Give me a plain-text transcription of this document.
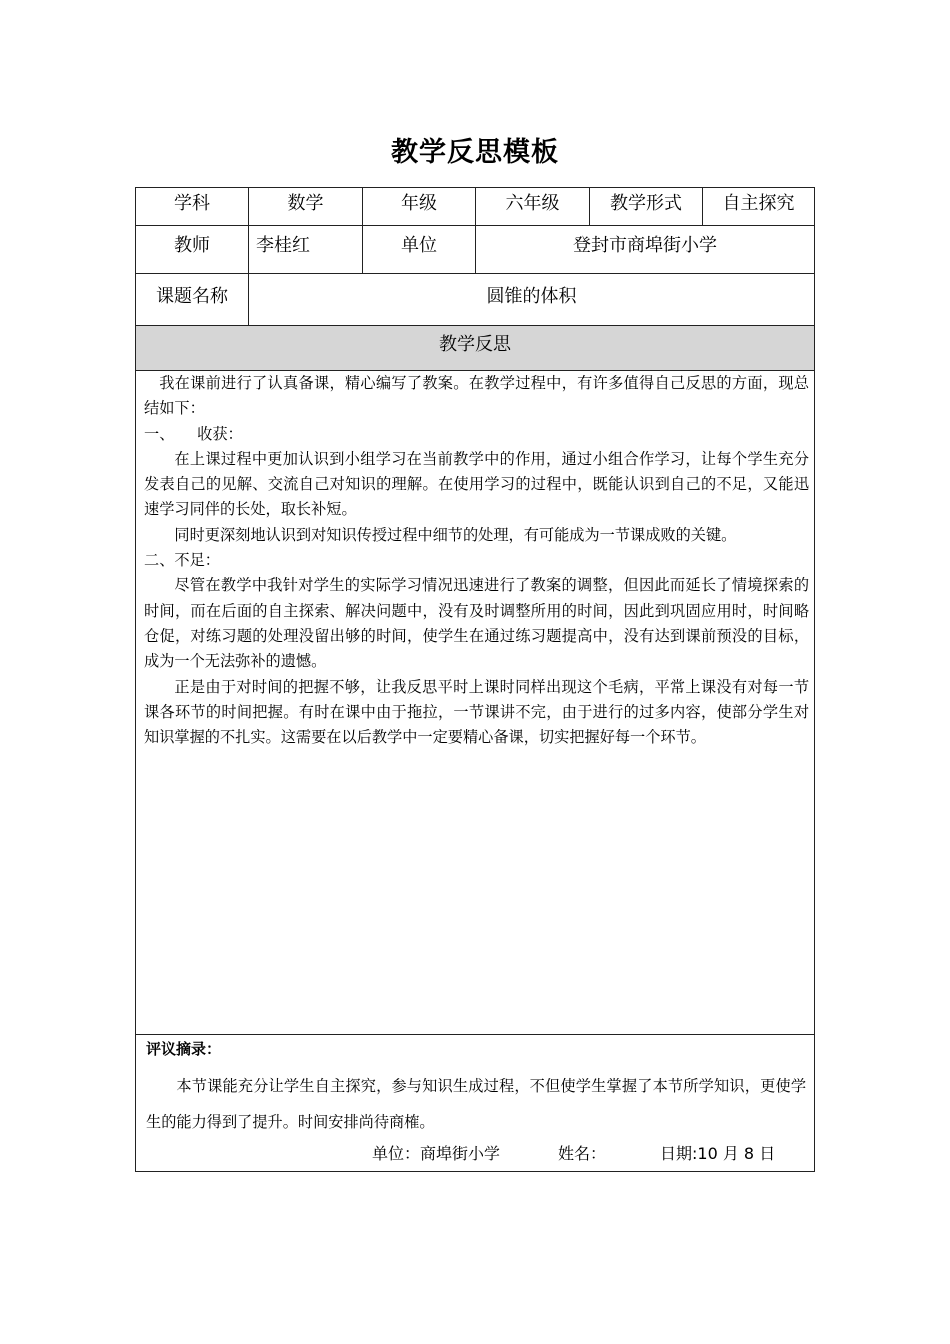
教学反思模板
学科	数学	年级	六年级	教学形式	自主探究
教师	李桂红	单位	登封市商埠街小学
课题名称	圆锥的体积
教学反思

我在课前进行了认真备课，精心编写了教案。在教学过程中，有许多值得自己反思的方面，现总结如下：

一、　　收获：

在上课过程中更加认识到小组学习在当前教学中的作用，通过小组合作学习，让每个学生充分发表自己的见解、交流自己对知识的理解。在使用学习的过程中，既能认识到自己的不足，又能迅速学习同伴的长处，取长补短。

同时更深刻地认识到对知识传授过程中细节的处理，有可能成为一节课成败的关键。

二、不足：

尽管在教学中我针对学生的实际学习情况迅速进行了教案的调整，但因此而延长了情境探索的时间，而在后面的自主探索、解决问题中，没有及时调整所用的时间，因此到巩固应用时，时间略仓促，对练习题的处理没留出够的时间，使学生在通过练习题提高中，没有达到课前预没的目标，成为一个无法弥补的遗憾。

正是由于对时间的把握不够，让我反思平时上课时同样出现这个毛病，平常上课没有对每一节课各环节的时间把握。有时在课中由于拖拉，一节课讲不完，由于进行的过多内容，使部分学生对知识掌握的不扎实。这需要在以后教学中一定要精心备课，切实把握好每一个环节。

评议摘录：

本节课能充分让学生自主探究，参与知识生成过程，不但使学生掌握了本节所学知识，更使学生的能力得到了提升。时间安排尚待商榷。

单位：商埠街小学	姓名：	日期:10 月 8 日
